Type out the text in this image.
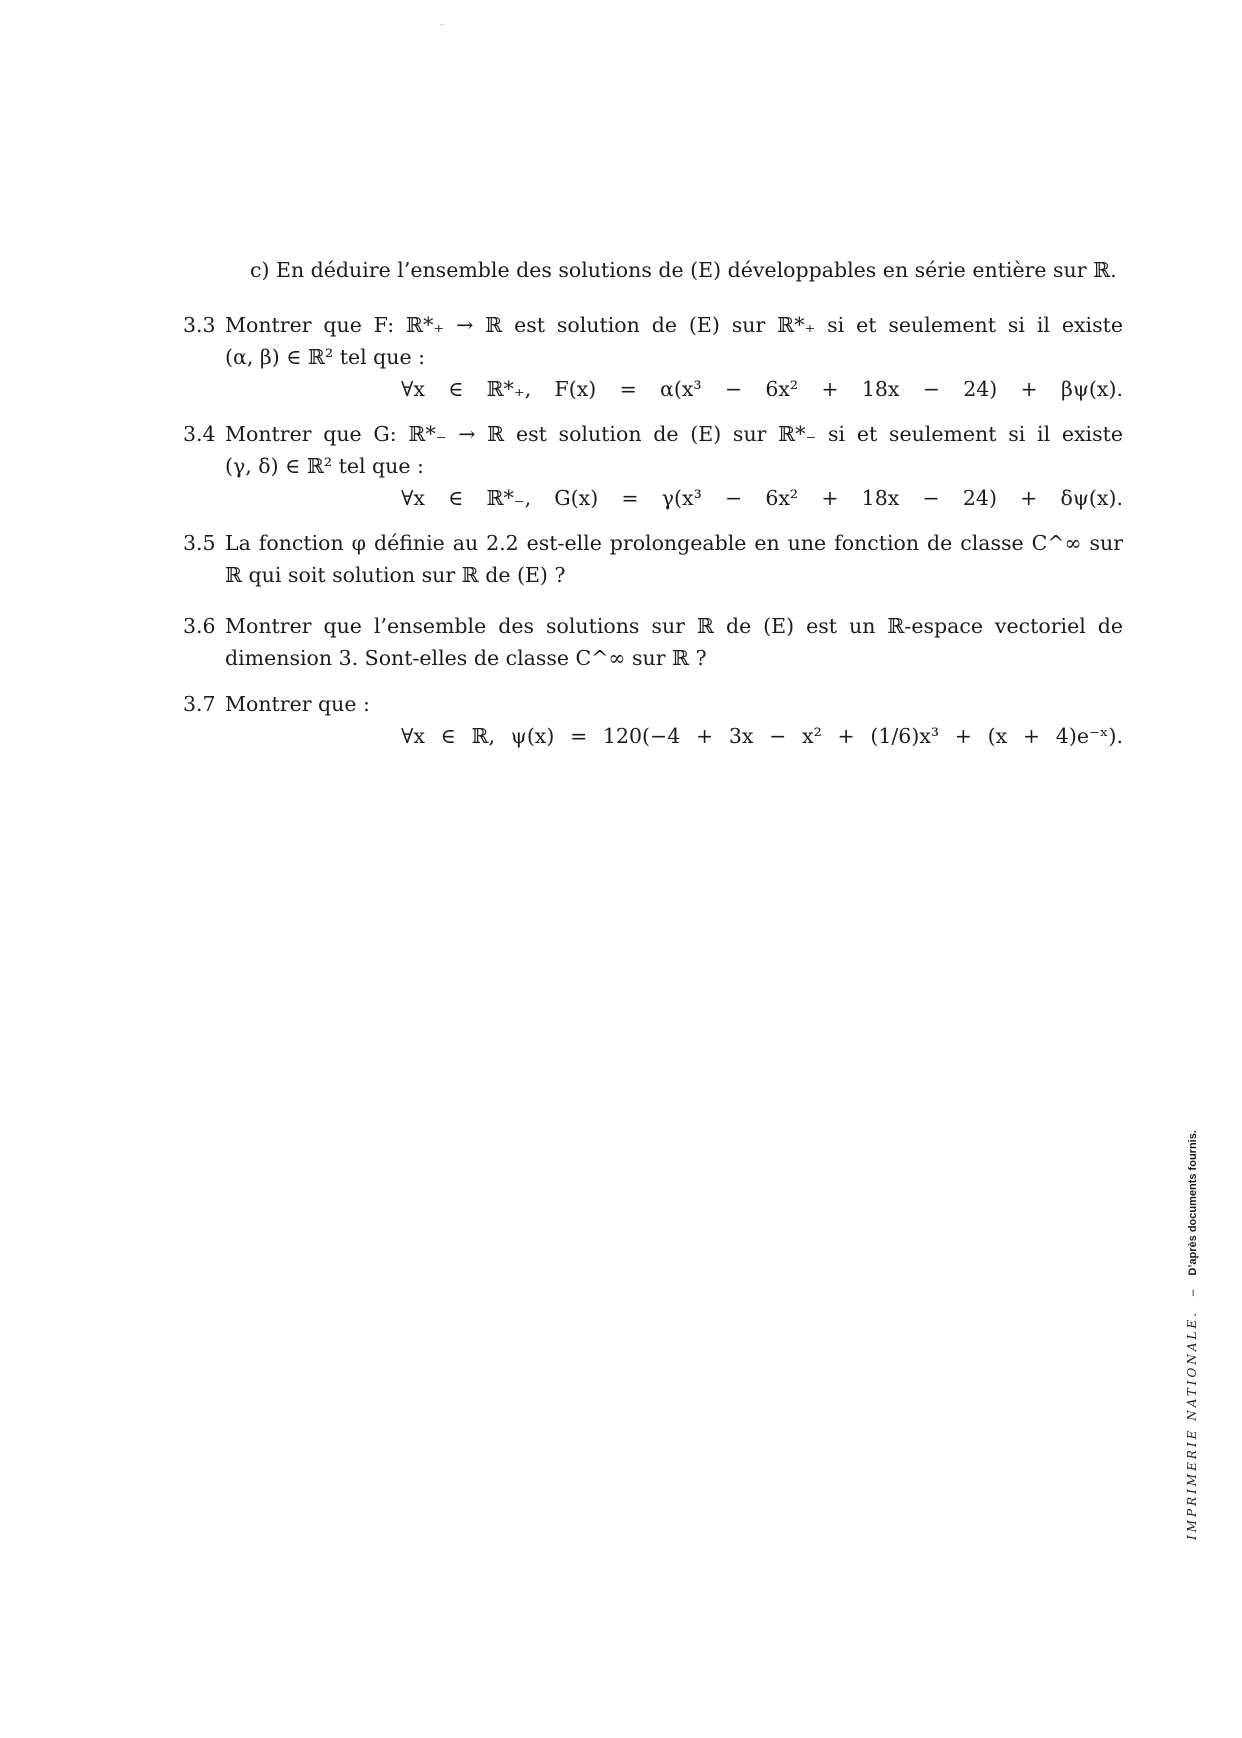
c) En déduire l’ensemble des solutions de (E) développables en série entière sur ℝ.
3.3 Montrer que F: ℝ*₊ → ℝ est solution de (E) sur ℝ*₊ si et seulement si il existe
(α, β) ∈ ℝ² tel que :
∀x ∈ ℝ*₊, F(x) = α(x³ − 6x² + 18x − 24) + βψ(x).
3.4 Montrer que G: ℝ*₋ → ℝ est solution de (E) sur ℝ*₋ si et seulement si il existe
(γ, δ) ∈ ℝ² tel que :
∀x ∈ ℝ*₋, G(x) = γ(x³ − 6x² + 18x − 24) + δψ(x).
3.5 La fonction φ définie au 2.2 est-elle prolongeable en une fonction de classe C^∞ sur
ℝ qui soit solution sur ℝ de (E) ?
3.6 Montrer que l’ensemble des solutions sur ℝ de (E) est un ℝ-espace vectoriel de
dimension 3. Sont-elles de classe C^∞ sur ℝ ?
3.7 Montrer que :
∀x ∈ ℝ, ψ(x) = 120(−4 + 3x − x² + (1/6)x³ + (x + 4)e⁻ˣ).
IMPRIMERIE NATIONALE. – D’après documents fournis.
